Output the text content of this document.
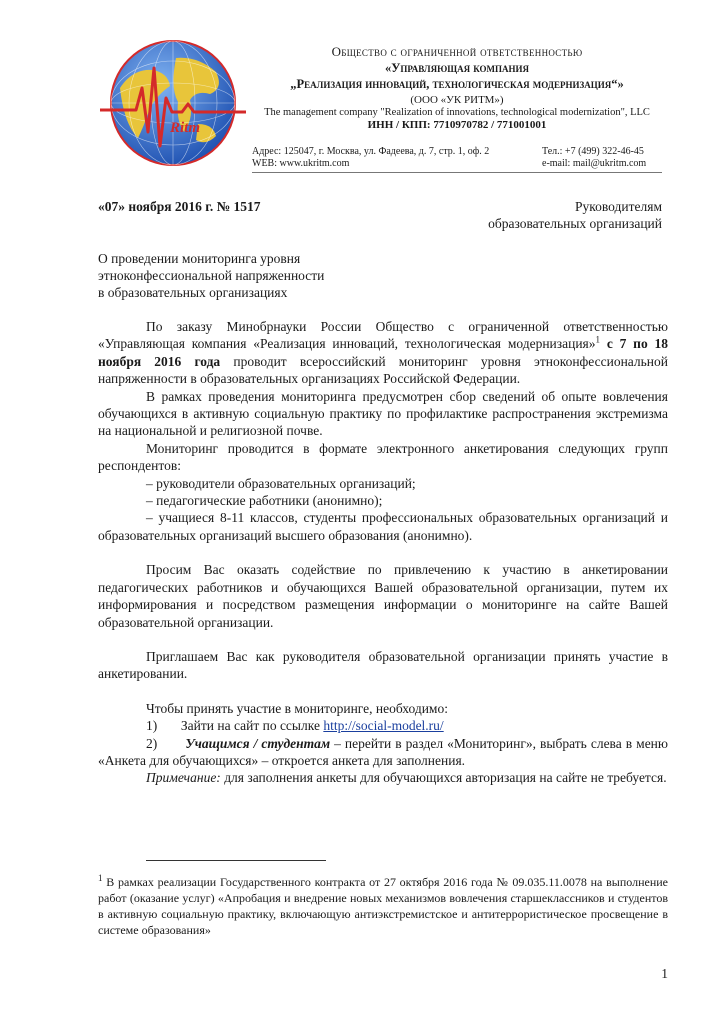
Ritm
Общество с ограниченной ответственностью
«Управляющая компания
„Реализация инноваций, технологическая модернизация“»
(ООО «УК РИТМ»)
The management company "Realization of innovations, technological modernization", LLC
ИНН / КПП: 7710970782 / 771001001
Адрес: 125047, г. Москва, ул. Фадеева, д. 7, стр. 1, оф. 2	Тел.: +7 (499) 322-46-45
WEB: www.ukritm.com	e-mail: mail@ukritm.com
«07» ноября 2016 г. № 1517	Руководителям
образовательных организаций
О проведении мониторинга уровня
этноконфессиональной напряженности
в образовательных организациях

По заказу Минобрнауки России Общество с ограниченной ответственностью «Управляющая компания «Реализация инноваций, технологическая модернизация»$^1$ с 7 по 18 ноября 2016 года проводит всероссийский мониторинг уровня этноконфессиональной напряженности в образовательных организациях Российской Федерации.

В рамках проведения мониторинга предусмотрен сбор сведений об опыте вовлечения обучающихся в активную социальную практику по профилактике распространения экстремизма на национальной и религиозной почве.

Мониторинг проводится в формате электронного анкетирования следующих групп респондентов:

– руководители образовательных организаций;

– педагогические работники (анонимно);

– учащиеся 8-11 классов, студенты профессиональных образовательных организаций и образовательных организаций высшего образования (анонимно).

Просим Вас оказать содействие по привлечению к участию в анкетировании педагогических работников и обучающихся Вашей образовательной организации, путем их информирования и посредством размещения информации о мониторинге на сайте Вашей образовательной организации.

Приглашаем Вас как руководителя образовательной организации принять участие в анкетировании.

Чтобы принять участие в мониторинге, необходимо:

1) Зайти на сайт по ссылке http://social-model.ru/

2) Учащимся / студентам – перейти в раздел «Мониторинг», выбрать слева в меню «Анкета для обучающихся» – откроется анкета для заполнения.

Примечание: для заполнения анкеты для обучающихся авторизация на сайте не требуется.

$^1$ В рамках реализации Государственного контракта от 27 октября 2016 года № 09.035.11.0078 на выполнение работ (оказание услуг) «Апробация и внедрение новых механизмов вовлечения старшеклассников и студентов в активную социальную практику, включающую антиэкстремистское и антитеррористическое просвещение в системе образования»
1
